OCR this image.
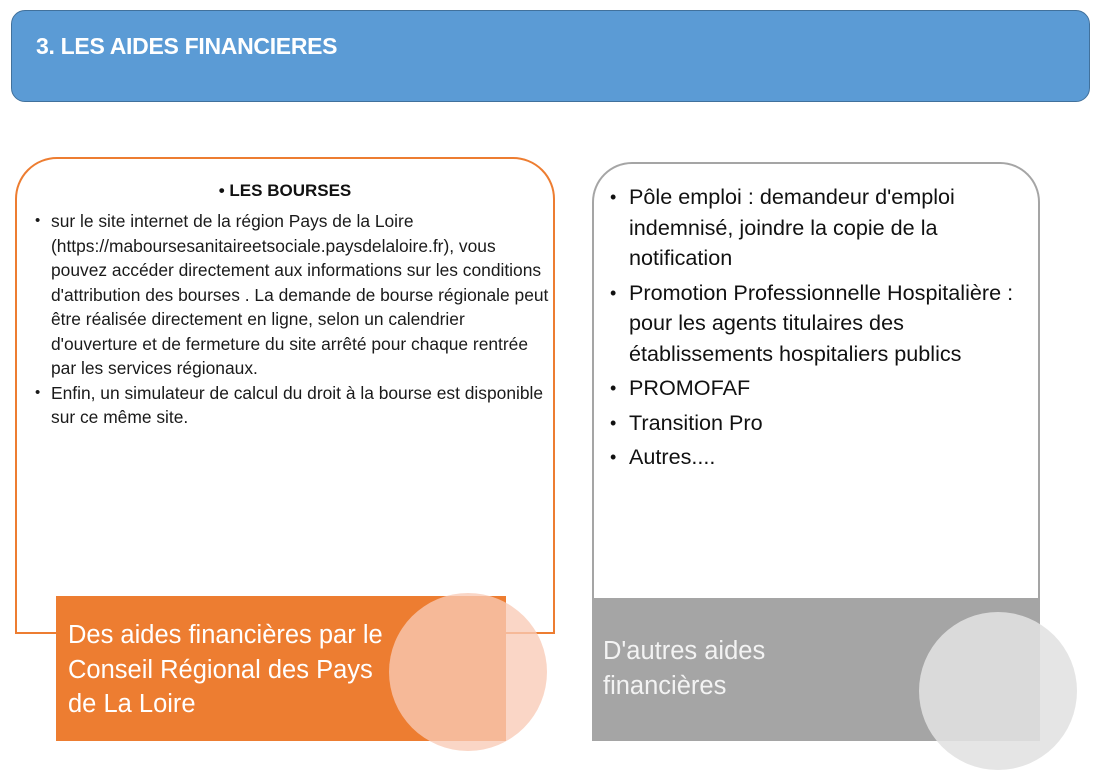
3. LES AIDES FINANCIERES
• LES BOURSES
• sur le site internet de la région Pays de la Loire (https://maboursesanitaireetsociale.paysdelaloire.fr), vous pouvez accéder directement aux informations sur les conditions d'attribution des bourses . La demande de bourse régionale peut être réalisée directement en ligne, selon un calendrier d'ouverture et de fermeture du site arrêté pour chaque rentrée par les services régionaux.
• Enfin, un simulateur de calcul du droit à la bourse est disponible sur ce même site.
Des aides financières par le Conseil Régional des Pays de La Loire
• Pôle emploi : demandeur d'emploi indemnisé, joindre la copie de la notification
• Promotion Professionnelle Hospitalière : pour les agents titulaires des établissements hospitaliers publics
• PROMOFAF
• Transition Pro
• Autres....
D'autres aides financières
